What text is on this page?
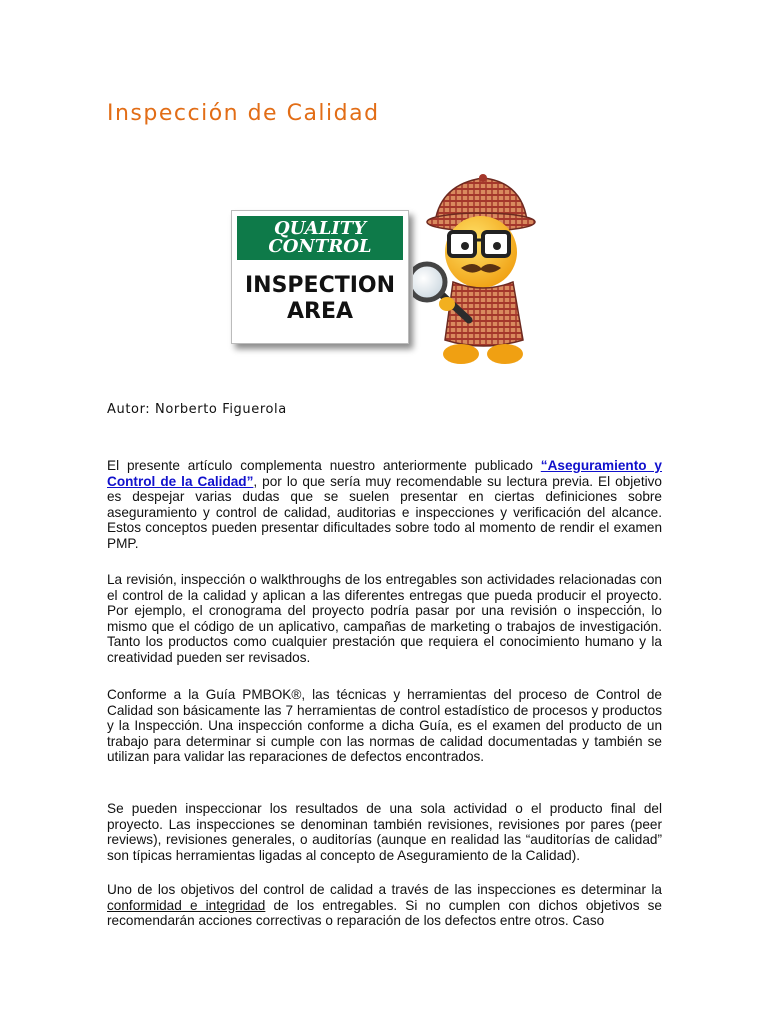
Inspección de Calidad
QUALITY
CONTROL
INSPECTION
AREA

Autor: Norberto Figuerola

El presente artículo complementa nuestro anteriormente publicado “Aseguramiento y Control de la Calidad”, por lo que sería muy recomendable su lectura previa. El objetivo es despejar varias dudas que se suelen presentar en ciertas definiciones sobre aseguramiento y control de calidad, auditorias e inspecciones y verificación del alcance. Estos conceptos pueden presentar dificultades sobre todo al momento de rendir el examen PMP.

La revisión, inspección o walkthroughs de los entregables son actividades relacionadas con el control de la calidad y aplican a las diferentes entregas que pueda producir el proyecto. Por ejemplo, el cronograma del proyecto podría pasar por una revisión o inspección, lo mismo que el código de un aplicativo, campañas de marketing o trabajos de investigación. Tanto los productos como cualquier prestación que requiera el conocimiento humano y la creatividad pueden ser revisados.

Conforme a la Guía PMBOK®, las técnicas y herramientas del proceso de Control de Calidad son básicamente las 7 herramientas de control estadístico de procesos y productos y la Inspección. Una inspección conforme a dicha Guía, es el examen del producto de un trabajo para determinar si cumple con las normas de calidad documentadas y también se utilizan para validar las reparaciones de defectos encontrados.

Se pueden inspeccionar los resultados de una sola actividad o el producto final del proyecto. Las inspecciones se denominan también revisiones, revisiones por pares (peer reviews), revisiones generales, o auditorías (aunque en realidad las “auditorías de calidad” son típicas herramientas ligadas al concepto de Aseguramiento de la Calidad).

Uno de los objetivos del control de calidad a través de las inspecciones es determinar la conformidad e integridad de los entregables. Si no cumplen con dichos objetivos se recomendarán acciones correctivas o reparación de los defectos entre otros. Caso
